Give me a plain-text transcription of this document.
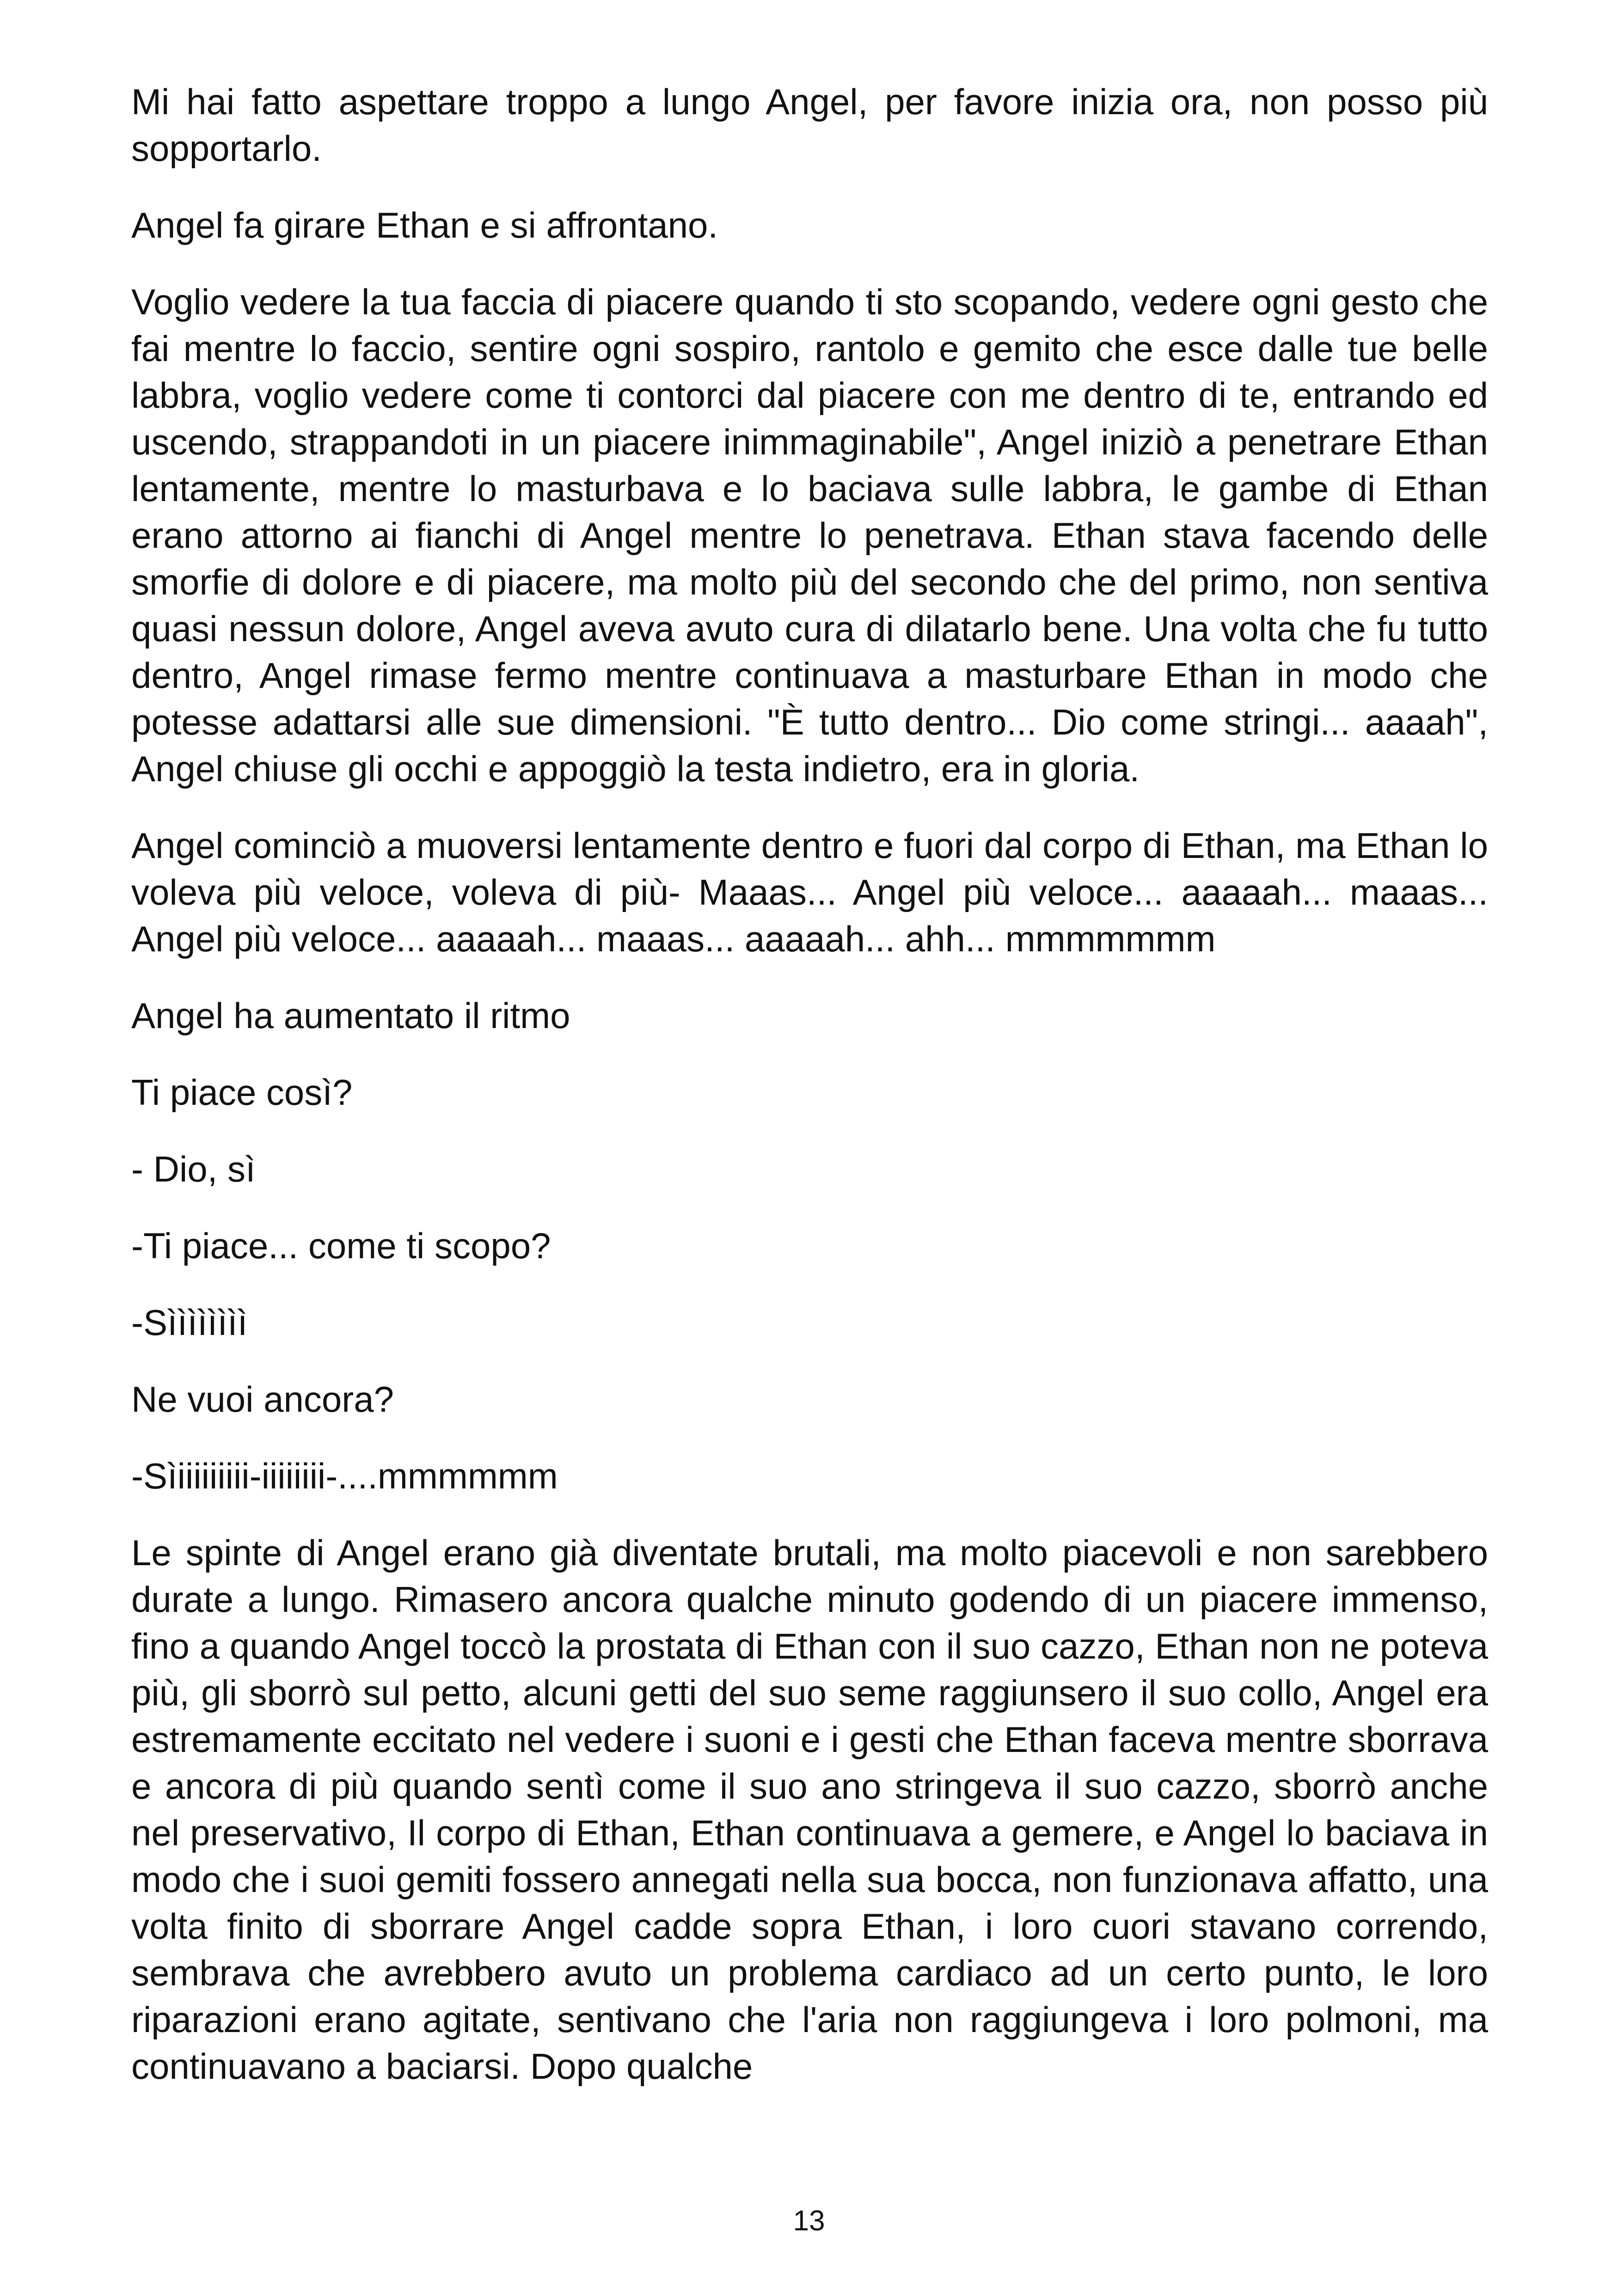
Mi hai fatto aspettare troppo a lungo Angel, per favore inizia ora, non posso più sopportarlo.

Angel fa girare Ethan e si affrontano.

Voglio vedere la tua faccia di piacere quando ti sto scopando, vedere ogni gesto che fai mentre lo faccio, sentire ogni sospiro, rantolo e gemito che esce dalle tue belle labbra, voglio vedere come ti contorci dal piacere con me dentro di te, entrando ed uscendo, strappandoti in un piacere inimmaginabile", Angel iniziò a penetrare Ethan lentamente, mentre lo masturbava e lo baciava sulle labbra, le gambe di Ethan erano attorno ai fianchi di Angel mentre lo penetrava. Ethan stava facendo delle smorfie di dolore e di piacere, ma molto più del secondo che del primo, non sentiva quasi nessun dolore, Angel aveva avuto cura di dilatarlo bene. Una volta che fu tutto dentro, Angel rimase fermo mentre continuava a masturbare Ethan in modo che potesse adattarsi alle sue dimensioni. "È tutto dentro... Dio come stringi... aaaah", Angel chiuse gli occhi e appoggiò la testa indietro, era in gloria.

Angel cominciò a muoversi lentamente dentro e fuori dal corpo di Ethan, ma Ethan lo voleva più veloce, voleva di più- Maaas... Angel più veloce... aaaaah... maaas... Angel più veloce... aaaaah... maaas... aaaaah... ahh... mmmmmmm

Angel ha aumentato il ritmo

Ti piace così?

- Dio, sì

-Ti piace... come ti scopo?

-Sìììììììì

Ne vuoi ancora?

-Sìiiiiiiiii-iiiiiiii-....mmmmmm

Le spinte di Angel erano già diventate brutali, ma molto piacevoli e non sarebbero durate a lungo. Rimasero ancora qualche minuto godendo di un piacere immenso, fino a quando Angel toccò la prostata di Ethan con il suo cazzo, Ethan non ne poteva più, gli sborrò sul petto, alcuni getti del suo seme raggiunsero il suo collo, Angel era estremamente eccitato nel vedere i suoni e i gesti che Ethan faceva mentre sborrava e ancora di più quando sentì come il suo ano stringeva il suo cazzo, sborrò anche nel preservativo, Il corpo di Ethan, Ethan continuava a gemere, e Angel lo baciava in modo che i suoi gemiti fossero annegati nella sua bocca, non funzionava affatto, una volta finito di sborrare Angel cadde sopra Ethan, i loro cuori stavano correndo, sembrava che avrebbero avuto un problema cardiaco ad un certo punto, le loro riparazioni erano agitate, sentivano che l'aria non raggiungeva i loro polmoni, ma continuavano a baciarsi. Dopo qualche

13
